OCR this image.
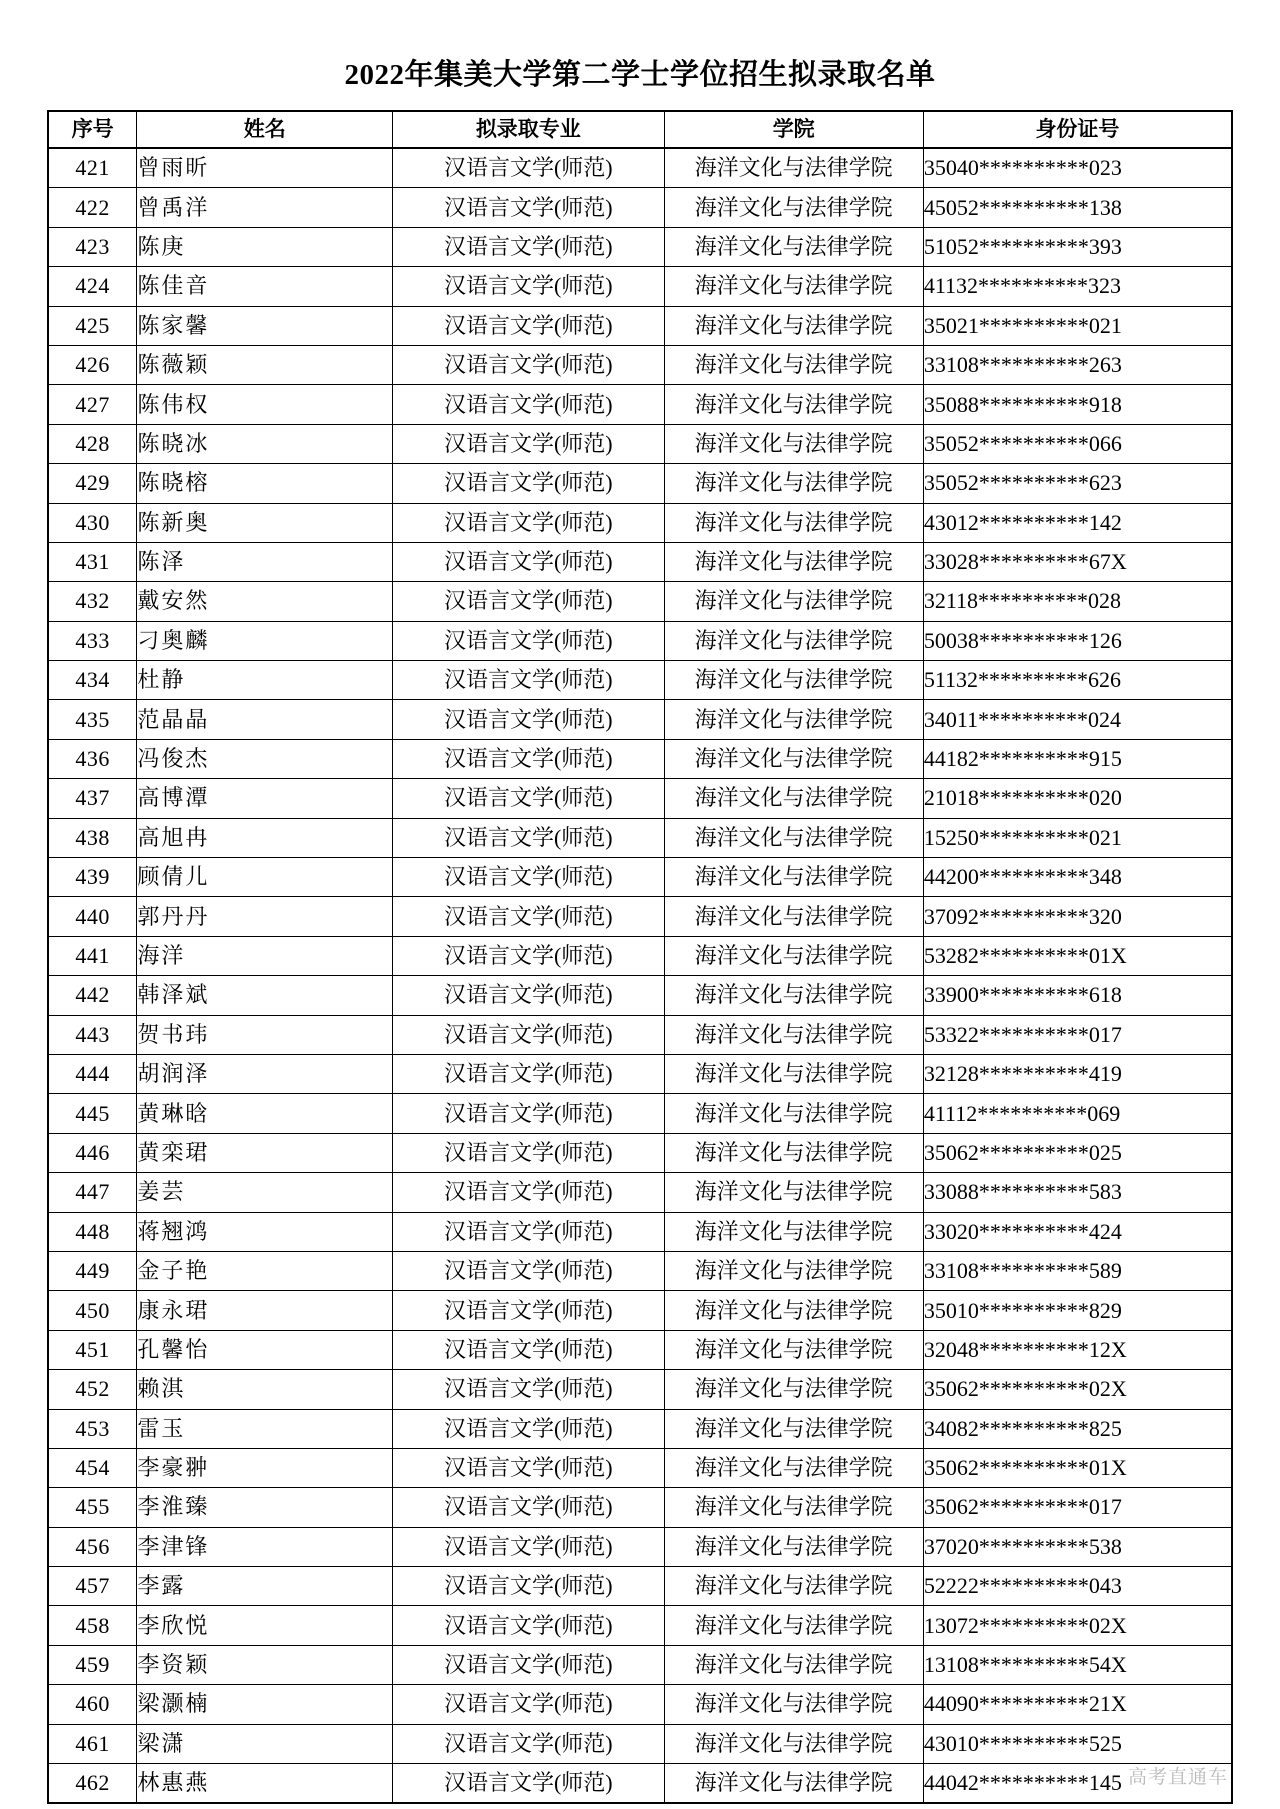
2022年集美大学第二学士学位招生拟录取名单
序号	姓名	拟录取专业	学院	身份证号
421	曾雨昕	汉语言文学(师范)	海洋文化与法律学院	35040**********023
422	曾禹洋	汉语言文学(师范)	海洋文化与法律学院	45052**********138
423	陈庚	汉语言文学(师范)	海洋文化与法律学院	51052**********393
424	陈佳音	汉语言文学(师范)	海洋文化与法律学院	41132**********323
425	陈家馨	汉语言文学(师范)	海洋文化与法律学院	35021**********021
426	陈薇颖	汉语言文学(师范)	海洋文化与法律学院	33108**********263
427	陈伟权	汉语言文学(师范)	海洋文化与法律学院	35088**********918
428	陈晓冰	汉语言文学(师范)	海洋文化与法律学院	35052**********066
429	陈晓榕	汉语言文学(师范)	海洋文化与法律学院	35052**********623
430	陈新奥	汉语言文学(师范)	海洋文化与法律学院	43012**********142
431	陈泽	汉语言文学(师范)	海洋文化与法律学院	33028**********67X
432	戴安然	汉语言文学(师范)	海洋文化与法律学院	32118**********028
433	刁奥麟	汉语言文学(师范)	海洋文化与法律学院	50038**********126
434	杜静	汉语言文学(师范)	海洋文化与法律学院	51132**********626
435	范晶晶	汉语言文学(师范)	海洋文化与法律学院	34011**********024
436	冯俊杰	汉语言文学(师范)	海洋文化与法律学院	44182**********915
437	高博潭	汉语言文学(师范)	海洋文化与法律学院	21018**********020
438	高旭冉	汉语言文学(师范)	海洋文化与法律学院	15250**********021
439	顾倩儿	汉语言文学(师范)	海洋文化与法律学院	44200**********348
440	郭丹丹	汉语言文学(师范)	海洋文化与法律学院	37092**********320
441	海洋	汉语言文学(师范)	海洋文化与法律学院	53282**********01X
442	韩泽斌	汉语言文学(师范)	海洋文化与法律学院	33900**********618
443	贺书玮	汉语言文学(师范)	海洋文化与法律学院	53322**********017
444	胡润泽	汉语言文学(师范)	海洋文化与法律学院	32128**********419
445	黄琳晗	汉语言文学(师范)	海洋文化与法律学院	41112**********069
446	黄栾珺	汉语言文学(师范)	海洋文化与法律学院	35062**********025
447	姜芸	汉语言文学(师范)	海洋文化与法律学院	33088**********583
448	蒋翘鸿	汉语言文学(师范)	海洋文化与法律学院	33020**********424
449	金子艳	汉语言文学(师范)	海洋文化与法律学院	33108**********589
450	康永珺	汉语言文学(师范)	海洋文化与法律学院	35010**********829
451	孔馨怡	汉语言文学(师范)	海洋文化与法律学院	32048**********12X
452	赖淇	汉语言文学(师范)	海洋文化与法律学院	35062**********02X
453	雷玉	汉语言文学(师范)	海洋文化与法律学院	34082**********825
454	李豪翀	汉语言文学(师范)	海洋文化与法律学院	35062**********01X
455	李淮臻	汉语言文学(师范)	海洋文化与法律学院	35062**********017
456	李津锋	汉语言文学(师范)	海洋文化与法律学院	37020**********538
457	李露	汉语言文学(师范)	海洋文化与法律学院	52222**********043
458	李欣悦	汉语言文学(师范)	海洋文化与法律学院	13072**********02X
459	李资颖	汉语言文学(师范)	海洋文化与法律学院	13108**********54X
460	梁灏楠	汉语言文学(师范)	海洋文化与法律学院	44090**********21X
461	梁潇	汉语言文学(师范)	海洋文化与法律学院	43010**********525
462	林惠燕	汉语言文学(师范)	海洋文化与法律学院	44042**********145 高考直通车
